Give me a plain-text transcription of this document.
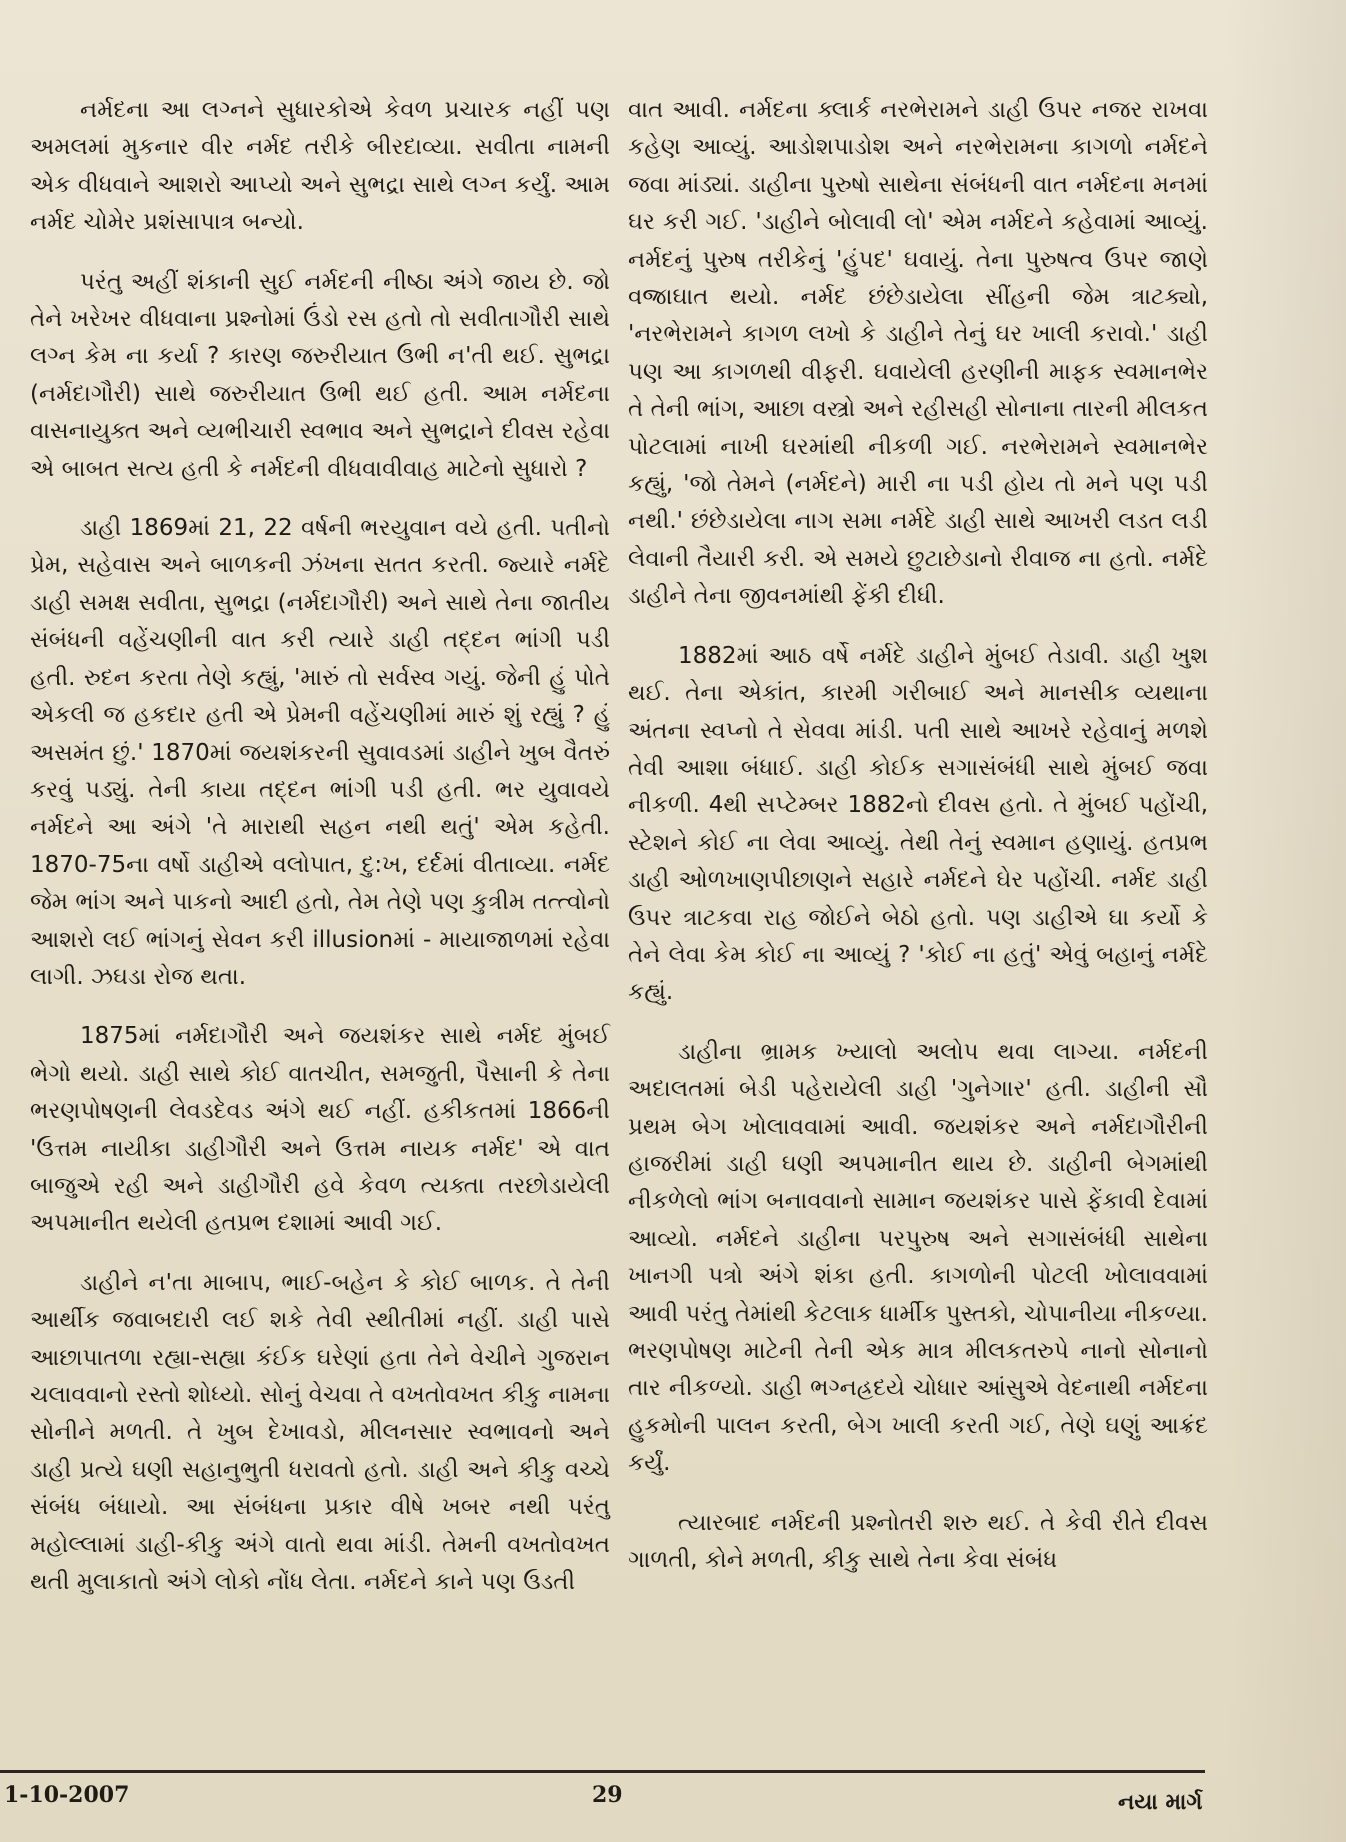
નર્મદના આ લગ્નને સુધારકોએ કેવળ પ્રચારક નહીં પણ અમલમાં મુકનાર વીર નર્મદ તરીકે બીરદાવ્યા. સવીતા નામની એક વીધવાને આશરો આપ્યો અને સુભદ્રા સાથે લગ્ન કર્યું. આમ નર્મદ ચોમેર પ્રશંસાપાત્ર બન્યો.

પરંતુ અહીં શંકાની સુઈ નર્મદની નીષ્ઠા અંગે જાય છે. જો તેને ખરેખર વીધવાના પ્રશ્નોમાં ઉંડો રસ હતો તો સવીતાગૌરી સાથે લગ્ન કેમ ના કર્યા ? કારણ જરુરીયાત ઉભી ન'તી થઈ. સુભદ્રા (નર્મદાગૌરી) સાથે જરુરીયાત ઉભી થઈ હતી. આમ નર્મદના વાસનાયુક્ત અને વ્યભીચારી સ્વભાવ અને સુભદ્રાને દીવસ રહેવા એ બાબત સત્ય હતી કે નર્મદની વીધવાવીવાહ માટેનો સુધારો ?

ડાહી 1869માં 21, 22 વર્ષની ભરયુવાન વયે હતી. પતીનો પ્રેમ, સહેવાસ અને બાળકની ઝંખના સતત કરતી. જ્યારે નર્મદે ડાહી સમક્ષ સવીતા, સુભદ્રા (નર્મદાગૌરી) અને સાથે તેના જાતીય સંબંધની વહેંચણીની વાત કરી ત્યારે ડાહી તદ્દન ભાંગી પડી હતી. રુદન કરતા તેણે કહ્યું, 'મારું તો સર્વસ્વ ગયું. જેની હું પોતે એકલી જ હકદાર હતી એ પ્રેમની વહેંચણીમાં મારું શું રહ્યું ? હું અસમંત છું.' 1870માં જયશંકરની સુવાવડમાં ડાહીને ખુબ વૈતરું કરવું પડ્યું. તેની કાયા તદ્દન ભાંગી પડી હતી. ભર યુવાવયે નર્મદને આ અંગે 'તે મારાથી સહન નથી થતું' એમ કહેતી. 1870-75ના વર્ષો ડાહીએ વલોપાત, દુ:ખ, દર્દમાં વીતાવ્યા. નર્મદ જેમ ભાંગ અને પાકનો આદી હતો, તેમ તેણે પણ કુત્રીમ તત્ત્વોનો આશરો લઈ ભાંગનું સેવન કરી illusionમાં - માયાજાળમાં રહેવા લાગી. ઝઘડા રોજ થતા.

1875માં નર્મદાગૌરી અને જયશંકર સાથે નર્મદ મુંબઈ ભેગો થયો. ડાહી સાથે કોઈ વાતચીત, સમજુતી, પૈસાની કે તેના ભરણપોષણની લેવડદેવડ અંગે થઈ નહીં. હકીકતમાં 1866ની 'ઉત્તમ નાયીકા ડાહીગૌરી અને ઉત્તમ નાયક નર્મદ' એ વાત બાજુએ રહી અને ડાહીગૌરી હવે કેવળ ત્યક્તા તરછોડાયેલી અપમાનીત થયેલી હતપ્રભ દશામાં આવી ગઈ.

ડાહીને ન'તા માબાપ, ભાઈ-બહેન કે કોઈ બાળક. તે તેની આર્થીક જવાબદારી લઈ શકે તેવી સ્થીતીમાં નહીં. ડાહી પાસે આછાપાતળા રહ્યા-સહ્યા કંઈક ઘરેણાં હતા તેને વેચીને ગુજરાન ચલાવવાનો રસ્તો શોધ્યો. સોનું વેચવા તે વખતોવખત કીકુ નામના સોનીને મળતી. તે ખુબ દેખાવડો, મીલનસાર સ્વભાવનો અને ડાહી પ્રત્યે ઘણી સહાનુભુતી ધરાવતો હતો. ડાહી અને કીકુ વચ્ચે સંબંધ બંધાયો. આ સંબંધના પ્રકાર વીષે ખબર નથી પરંતુ મહોલ્લામાં ડાહી-કીકુ અંગે વાતો થવા માંડી. તેમની વખતોવખત થતી મુલાકાતો અંગે લોકો નોંધ લેતા. નર્મદને કાને પણ ઉડતી

વાત આવી. નર્મદના ક્લાર્ક નરભેરામને ડાહી ઉપર નજર રાખવા કહેણ આવ્યું. આડોશપાડોશ અને નરભેરામના કાગળો નર્મદને જવા માંડ્યાં. ડાહીના પુરુષો સાથેના સંબંધની વાત નર્મદના મનમાં ઘર કરી ગઈ. 'ડાહીને બોલાવી લો' એમ નર્મદને કહેવામાં આવ્યું. નર્મદનું પુરુષ તરીકેનું 'હુંપદ' ઘવાયું. તેના પુરુષત્વ ઉપર જાણે વજ્રાઘાત થયો. નર્મદ છંછેડાયેલા સીંહની જેમ ત્રાટક્યો, 'નરભેરામને કાગળ લખો કે ડાહીને તેનું ઘર ખાલી કરાવો.' ડાહી પણ આ કાગળથી વીફરી. ઘવાયેલી હરણીની માફક સ્વમાનભેર તે તેની ભાંગ, આછા વસ્ત્રો અને રહીસહી સોનાના તારની મીલકત પોટલામાં નાખી ઘરમાંથી નીકળી ગઈ. નરભેરામને સ્વમાનભેર કહ્યું, 'જો તેમને (નર્મદને) મારી ના પડી હોય તો મને પણ પડી નથી.' છંછેડાયેલા નાગ સમા નર્મદે ડાહી સાથે આખરી લડત લડી લેવાની તૈયારી કરી. એ સમયે છુટાછેડાનો રીવાજ ના હતો. નર્મદે ડાહીને તેના જીવનમાંથી ફેંકી દીધી.

1882માં આઠ વર્ષે નર્મદે ડાહીને મુંબઈ તેડાવી. ડાહી ખુશ થઈ. તેના એકાંત, કારમી ગરીબાઈ અને માનસીક વ્યથાના અંતના સ્વપ્નો તે સેવવા માંડી. પતી સાથે આખરે રહેવાનું મળશે તેવી આશા બંધાઈ. ડાહી કોઈક સગાસંબંધી સાથે મુંબઈ જવા નીકળી. 4થી સપ્ટેમ્બર 1882નો દીવસ હતો. તે મુંબઈ પહોંચી, સ્ટેશને કોઈ ના લેવા આવ્યું. તેથી તેનું સ્વમાન હણાયું. હતપ્રભ ડાહી ઓળખાણપીછાણને સહારે નર્મદને ઘેર પહોંચી. નર્મદ ડાહી ઉપર ત્રાટકવા રાહ જોઈને બેઠો હતો. પણ ડાહીએ ઘા કર્યો કે તેને લેવા કેમ કોઈ ના આવ્યું ? 'કોઈ ના હતું' એવું બહાનું નર્મદે કહ્યું.

ડાહીના ભ્રામક ખ્યાલો અલોપ થવા લાગ્યા. નર્મદની અદાલતમાં બેડી પહેરાયેલી ડાહી 'ગુનેગાર' હતી. ડાહીની સૌ પ્રથમ બેગ ખોલાવવામાં આવી. જયશંકર અને નર્મદાગૌરીની હાજરીમાં ડાહી ઘણી અપમાનીત થાય છે. ડાહીની બેગમાંથી નીકળેલો ભાંગ બનાવવાનો સામાન જયશંકર પાસે ફેંકાવી દેવામાં આવ્યો. નર્મદને ડાહીના પરપુરુષ અને સગાસંબંધી સાથેના ખાનગી પત્રો અંગે શંકા હતી. કાગળોની પોટલી ખોલાવવામાં આવી પરંતુ તેમાંથી કેટલાક ધાર્મીક પુસ્તકો, ચોપાનીયા નીકળ્યા. ભરણપોષણ માટેની તેની એક માત્ર મીલકતરુપે નાનો સોનાનો તાર નીકળ્યો. ડાહી ભગ્નહ્રદયે ચોધાર આંસુએ વેદનાથી નર્મદના હુકમોની પાલન કરતી, બેગ ખાલી કરતી ગઈ, તેણે ઘણું આક્રંદ કર્યું.

ત્યારબાદ નર્મદની પ્રશ્નોતરી શરુ થઈ. તે કેવી રીતે દીવસ ગાળતી, કોને મળતી, કીકુ સાથે તેના કેવા સંબંધ

1-10-2007	29	નયા માર્ગ
